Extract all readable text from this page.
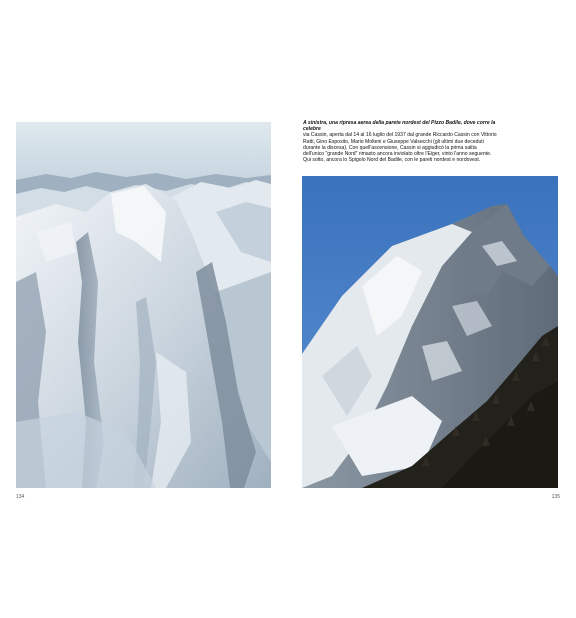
134
A sinistra, una ripresa aerea della parete nordest del Pizzo Badile, dove corre la celebre
via Cassin, aperta dal 14 al 16 luglio del 1937 dal grande Riccardo Cassin con Vittorio
Ratti, Gino Esposito, Mario Molteni e Giuseppe Valsecchi (gli ultimi due deceduti
durante la discesa). Con quell'ascensione, Cassin si aggiudicò la prima salita
dell'unico "grande Nord" rimasto ancora inviolato oltre l'Eiger, vinto l'anno seguente.
Qui sotto, ancora lo Spigolo Nord del Badile, con le pareti nordest e nordovest.
135
